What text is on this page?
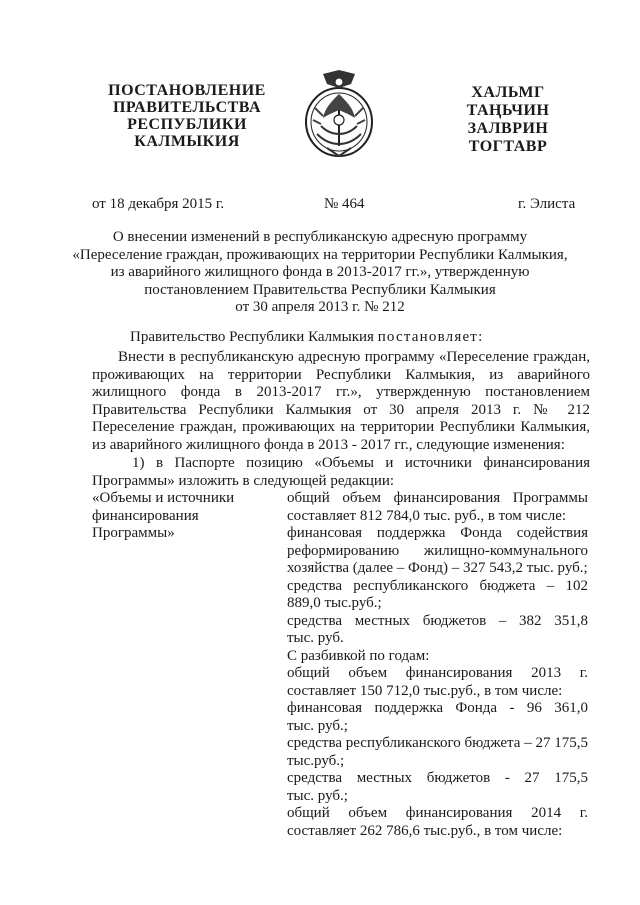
ПОСТАНОВЛЕНИЕ
ПРАВИТЕЛЬСТВА
РЕСПУБЛИКИ
КАЛМЫКИЯ
ХАЛЬМГ
ТАҢЬЧИН
ЗАЛВРИН
ТОГТАВР
от 18 декабря 2015 г.	№ 464	г. Элиста
О внесении изменений в республиканскую адресную программу
«Переселение граждан, проживающих на территории Республики Калмыкия,
из аварийного жилищного фонда в 2013-2017 гг.», утвержденную
постановлением Правительства Республики Калмыкия
от 30 апреля 2013 г. № 212
Правительство Республики Калмыкия постановляет:
Внести в республиканскую адресную программу «Переселение граждан,
проживающих на территории Республики Калмыкия, из аварийного
жилищного фонда в 2013-2017 гг.», утвержденную постановлением
Правительства Республики Калмыкия от 30 апреля 2013 г. № 212
Переселение граждан, проживающих на территории Республики Калмыкия,
из аварийного жилищного фонда в 2013 - 2017 гг., следующие изменения:
1) в Паспорте позицию «Объемы и источники финансирования
Программы» изложить в следующей редакции:
«Объемы и источники
финансирования
Программы»
общий объем финансирования Программы
составляет 812 784,0 тыс. руб., в том числе:
финансовая поддержка Фонда содействия
реформированию жилищно-коммунального
хозяйства (далее – Фонд) – 327 543,2 тыс. руб.;
средства республиканского бюджета – 102
889,0 тыс.руб.;
средства местных бюджетов – 382 351,8
тыс. руб.
С разбивкой по годам:
общий объем финансирования 2013 г.
составляет 150 712,0 тыс.руб., в том числе:
финансовая поддержка Фонда - 96 361,0
тыс. руб.;
средства республиканского бюджета – 27 175,5
тыс.руб.;
средства местных бюджетов - 27 175,5
тыс. руб.;
общий объем финансирования 2014 г.
составляет 262 786,6 тыс.руб., в том числе:
